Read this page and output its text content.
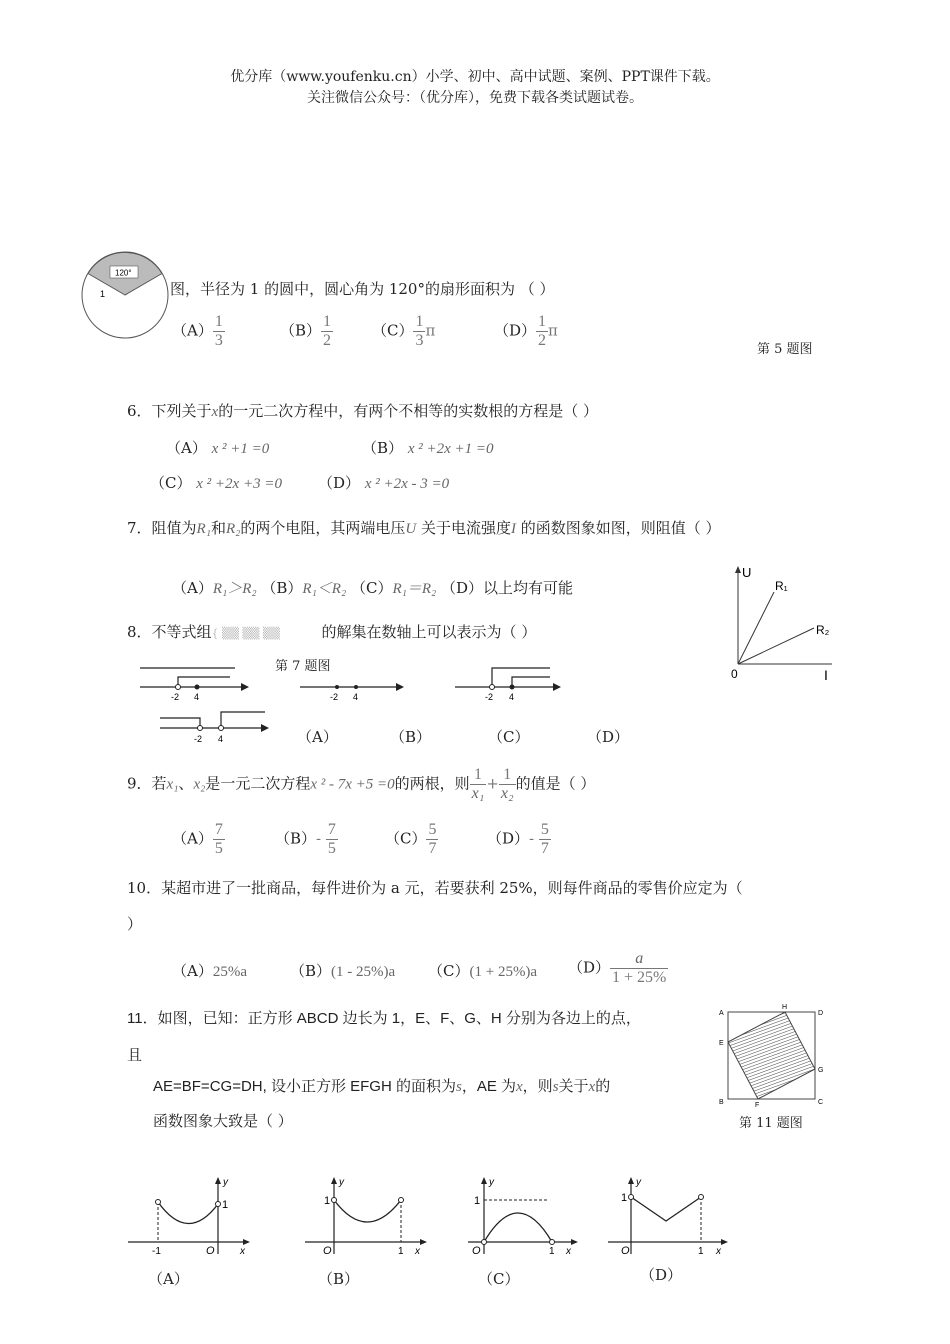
优分库（www.youfenku.cn）小学、初中、高中试题、案例、PPT课件下载。
关注微信公众号：（优分库），免费下载各类试题试卷。
120°
1	图，半径为 1 的圆中，圆心角为 120°的扇形面积为 （ ）
$(A) \frac{1}{3}$	$(B) \frac{1}{2}$	$(C) \frac{1}{3}$ π	$(D) \frac{1}{2}$ π
第 5 题图
6．下列关于x的一元二次方程中，有两个不相等的实数根的方程是（ ）
（A） x ² +1 =0	（B） x ² +2x +1 =0
（C） x ² +2x +3 =0 （D） x ² +2x - 3 =0
7．阻值为R₁和R₂的两个电阻，其两端电压U 关于电流强度I 的函数图象如图，则阻值（ ）
（A）R₁＞R₂ （B）R₁＜R₂ （C）R₁＝R₂ （D）以上均有可能
U
I
0
R₁
R₂
8．不等式组{ ▒▒ ▒▒ ▒▒	的解集在数轴上可以表示为（ ）
第 7 题图
-2 4	-2 4	-2 4
-2 4	（A）	（B）	（C）	（D）
9．若x₁、x₂是一元二次方程x ² - 7x +5 =0的两根，则 $\frac{1}{\text{x₁}} + \frac{1}{\text{x₂}}$ 的值是（ ）
$(A) \frac{7}{5}$	$(B)- \frac{7}{5}$	$(C) \frac{5}{7}$	$(D)- \frac{5}{7}$
10．某超市进了一批商品，每件进价为 a 元，若要获利 25%，则每件商品的零售价应定为（
）
（A）25%a	（B）(1 - 25%)a （C）(1 + 25%)a $(D) \frac{a}{1 + 25\%}$
11．如图，已知：正方形 ABCD 边长为 1，E、F、G、H 分别为各边上的点，
且
AE=BF=CG=DH, 设小正方形 EFGH 的面积为s，AE 为x，则s关于x的
函数图象大致是（ ）
A
H
D
E
G
B	F	C
第 11 题图
y
1
-1	O	x
y
1
O	1 x
y
1
O	1 x
y
1
O	1 x
（A）	（B）	（C）	（D）
